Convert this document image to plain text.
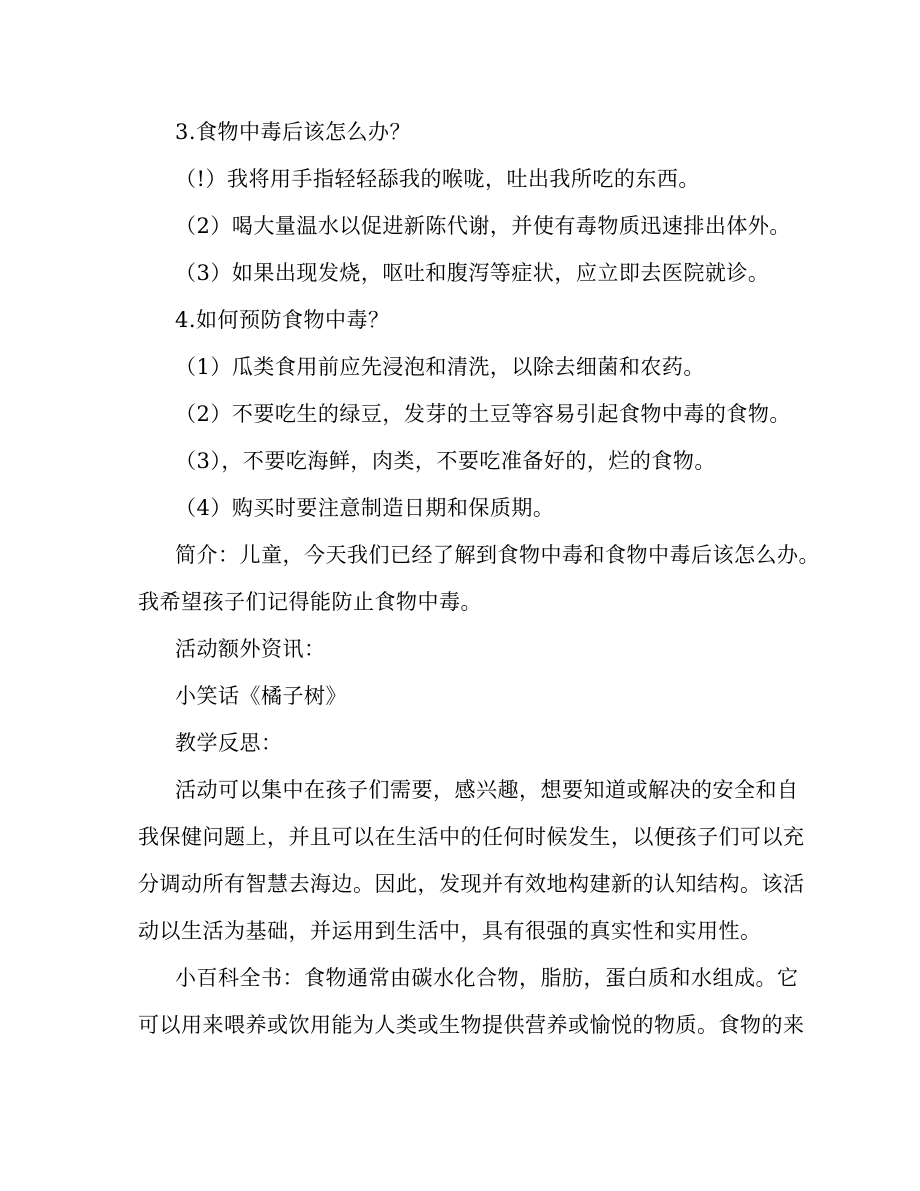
3.食物中毒后该怎么办？
（!）我将用手指轻轻舔我的喉咙，吐出我所吃的东西。
（2）喝大量温水以促进新陈代谢，并使有毒物质迅速排出体外。
（3）如果出现发烧，呕吐和腹泻等症状，应立即去医院就诊。
4.如何预防食物中毒？
（1）瓜类食用前应先浸泡和清洗，以除去细菌和农药。
（2）不要吃生的绿豆，发芽的土豆等容易引起食物中毒的食物。
（3），不要吃海鲜，肉类，不要吃准备好的，烂的食物。
（4）购买时要注意制造日期和保质期。
简介：儿童，今天我们已经了解到食物中毒和食物中毒后该怎么办。
我希望孩子们记得能防止食物中毒。
活动额外资讯：
小笑话《橘子树》
教学反思：
活动可以集中在孩子们需要，感兴趣，想要知道或解决的安全和自
我保健问题上，并且可以在生活中的任何时候发生，以便孩子们可以充
分调动所有智慧去海边。因此，发现并有效地构建新的认知结构。该活
动以生活为基础，并运用到生活中，具有很强的真实性和实用性。
小百科全书：食物通常由碳水化合物，脂肪，蛋白质和水组成。它
可以用来喂养或饮用能为人类或生物提供营养或愉悦的物质。食物的来
